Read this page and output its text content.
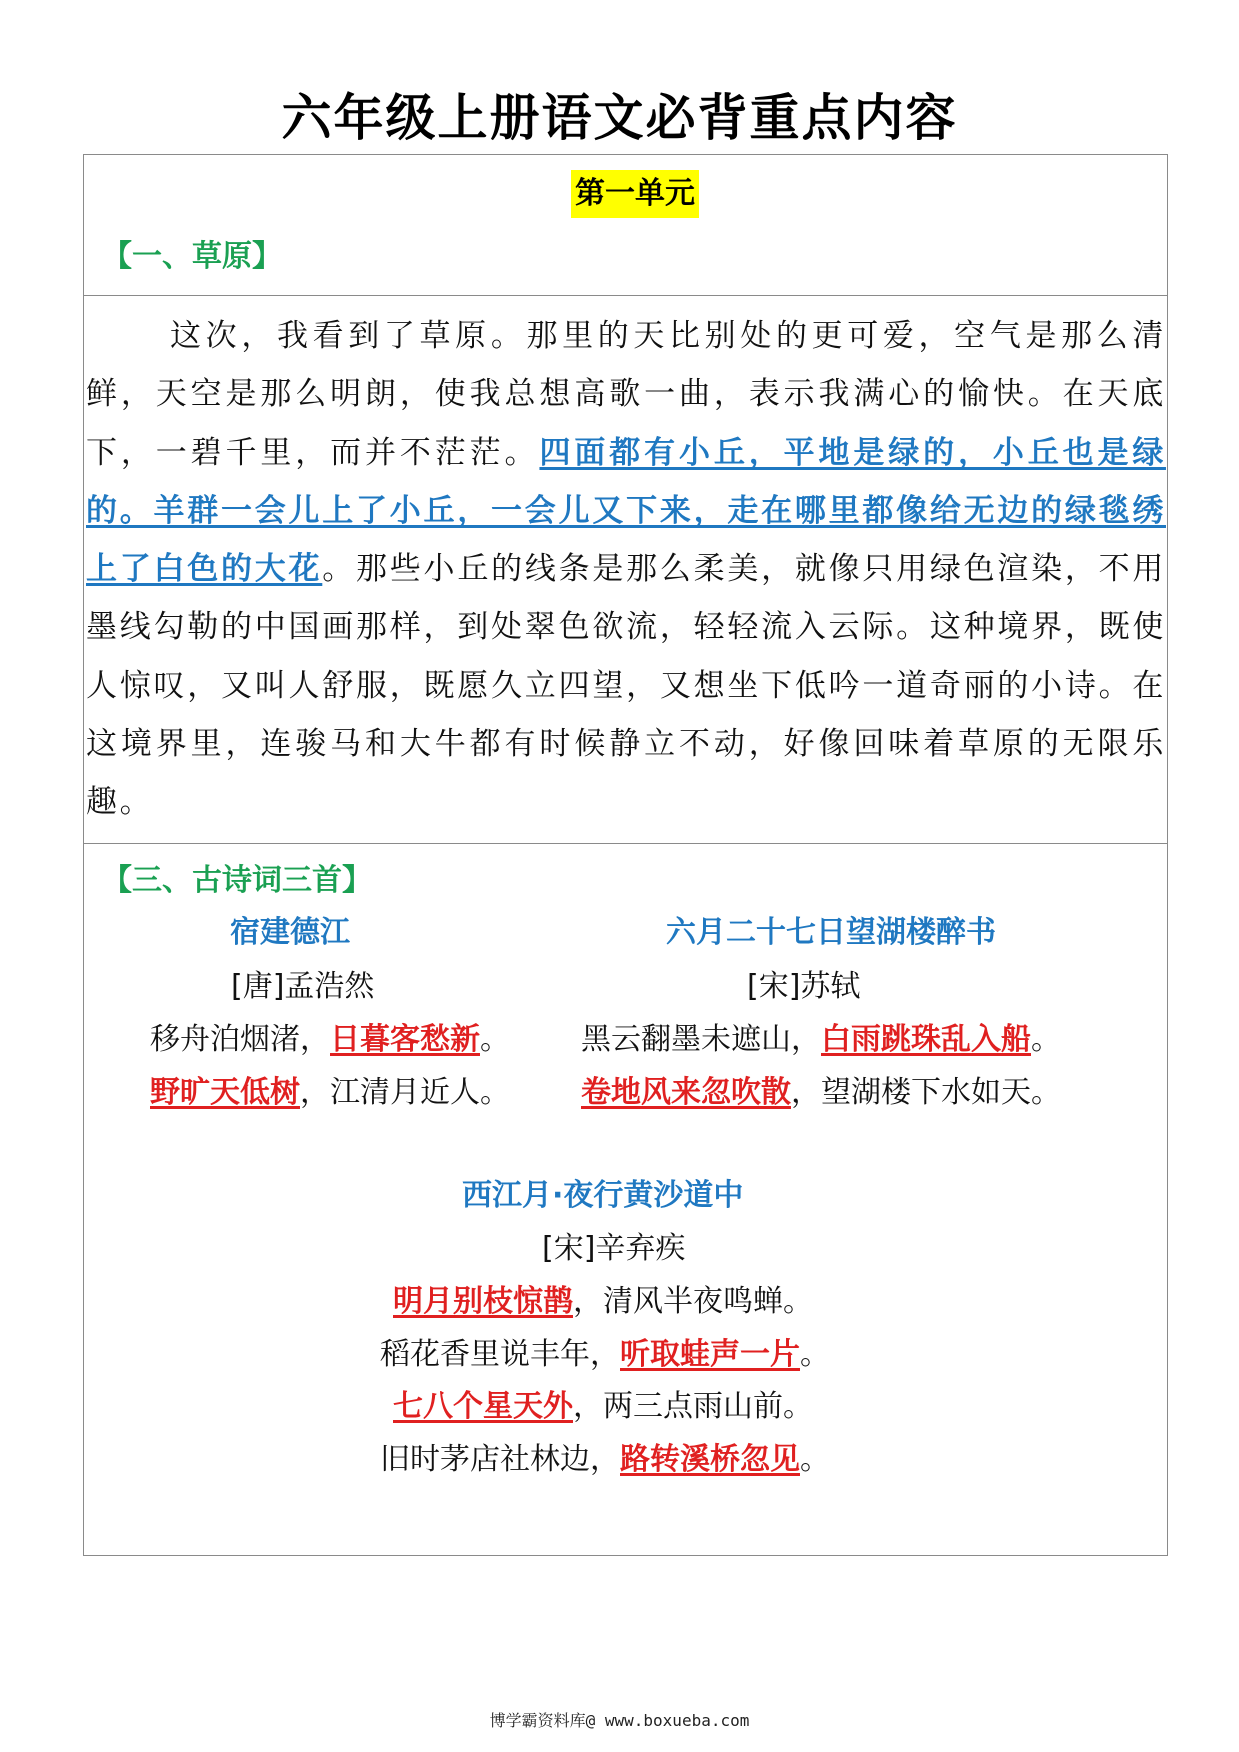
六年级上册语文必背重点内容
第一单元
【一、草原】

这次，我看到了草原。那里的天比别处的更可爱，空气是那么清鲜，天空是那么明朗，使我总想高歌一曲，表示我满心的愉快。在天底下，一碧千里，而并不茫茫。四面都有小丘，平地是绿的，小丘也是绿的。羊群一会儿上了小丘，一会儿又下来，走在哪里都像给无边的绿毯绣上了白色的大花。那些小丘的线条是那么柔美，就像只用绿色渲染，不用墨线勾勒的中国画那样，到处翠色欲流，轻轻流入云际。这种境界，既使人惊叹，又叫人舒服，既愿久立四望，又想坐下低吟一道奇丽的小诗。在这境界里，连骏马和大牛都有时候静立不动，好像回味着草原的无限乐趣。

【三、古诗词三首】
宿建德江
[唐]孟浩然
移舟泊烟渚，日暮客愁新。
野旷天低树，江清月近人。
六月二十七日望湖楼醉书
[宋]苏轼
黑云翻墨未遮山，白雨跳珠乱入船。
卷地风来忽吹散，望湖楼下水如天。
西江月·夜行黄沙道中
[宋]辛弃疾
明月别枝惊鹊，清风半夜鸣蝉。
稻花香里说丰年，听取蛙声一片。
七八个星天外，两三点雨山前。
旧时茅店社林边，路转溪桥忽见。
博学霸资料库@ www.boxueba.com
